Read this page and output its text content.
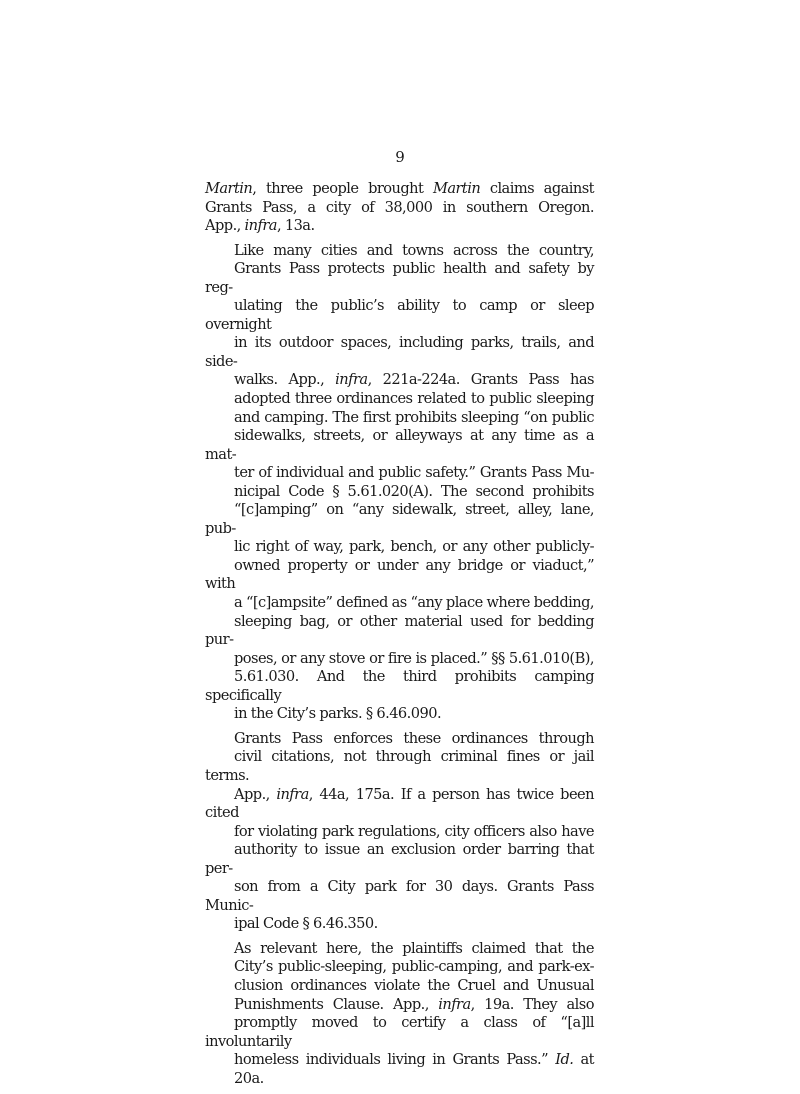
9

Martin, three people brought Martin claims against
Grants Pass, a city of 38,000 in southern Oregon.
App., infra, 13a.

Like many cities and towns across the country,
Grants Pass protects public health and safety by reg-
ulating the public’s ability to camp or sleep overnight
in its outdoor spaces, including parks, trails, and side-
walks. App., infra, 221a-224a. Grants Pass has
adopted three ordinances related to public sleeping
and camping. The first prohibits sleeping “on public
sidewalks, streets, or alleyways at any time as a mat-
ter of individual and public safety.” Grants Pass Mu-
nicipal Code § 5.61.020(A). The second prohibits
“[c]amping” on “any sidewalk, street, alley, lane, pub-
lic right of way, park, bench, or any other publicly-
owned property or under any bridge or viaduct,” with
a “[c]ampsite” defined as “any place where bedding,
sleeping bag, or other material used for bedding pur-
poses, or any stove or fire is placed.” §§ 5.61.010(B),
5.61.030. And the third prohibits camping specifically
in the City’s parks. § 6.46.090.

Grants Pass enforces these ordinances through
civil citations, not through criminal fines or jail terms.
App., infra, 44a, 175a. If a person has twice been cited
for violating park regulations, city officers also have
authority to issue an exclusion order barring that per-
son from a City park for 30 days. Grants Pass Munic-
ipal Code § 6.46.350.

As relevant here, the plaintiffs claimed that the
City’s public-sleeping, public-camping, and park-ex-
clusion ordinances violate the Cruel and Unusual
Punishments Clause. App., infra, 19a. They also
promptly moved to certify a class of “[a]ll involuntarily
homeless individuals living in Grants Pass.” Id. at
20a.
